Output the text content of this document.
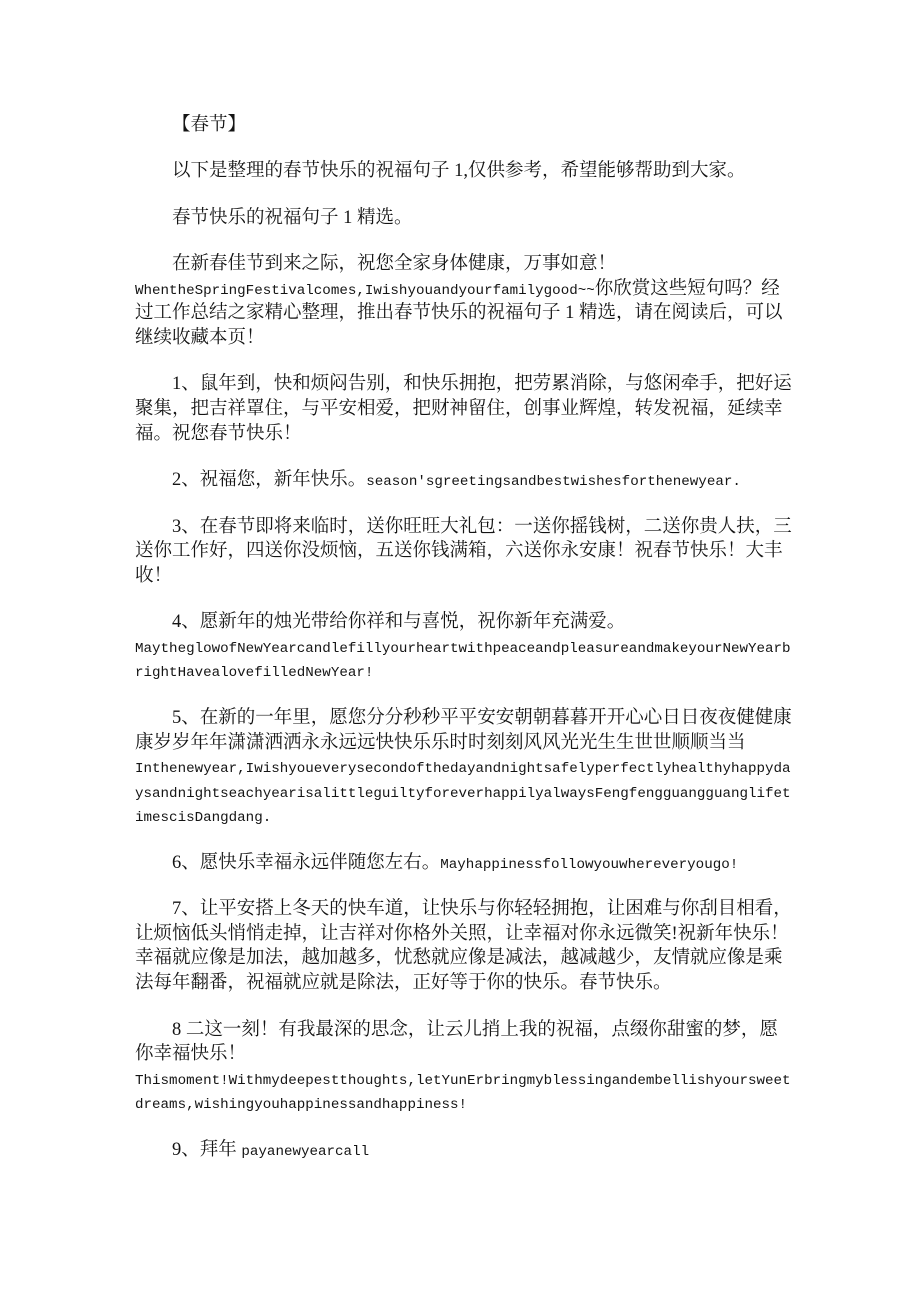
【春节】
以下是整理的春节快乐的祝福句子 1,仅供参考，希望能够帮助到大家。
春节快乐的祝福句子 1 精选。
在新春佳节到来之际，祝您全家身体健康，万事如意！
WhentheSpringFestivalcomes,Iwishyouandyourfamilygood~~你欣赏这些短句吗？经
过工作总结之家精心整理，推出春节快乐的祝福句子 1 精选，请在阅读后，可以
继续收藏本页！
1、鼠年到，快和烦闷告别，和快乐拥抱，把劳累消除，与悠闲牵手，把好运
聚集，把吉祥罩住，与平安相爱，把财神留住，创事业辉煌，转发祝福，延续幸
福。祝您春节快乐！
2、祝福您，新年快乐。season'sgreetingsandbestwishesforthenewyear.
3、在春节即将来临时，送你旺旺大礼包：一送你摇钱树，二送你贵人扶，三
送你工作好，四送你没烦恼，五送你钱满箱，六送你永安康！祝春节快乐！大丰
收！
4、愿新年的烛光带给你祥和与喜悦，祝你新年充满爱。
MaytheglowofNewYearcandlefillyourheartwithpeaceandpleasureandmakeyourNewYearb
rightHavealovefilledNewYear!
5、在新的一年里，愿您分分秒秒平平安安朝朝暮暮开开心心日日夜夜健健康
康岁岁年年潇潇洒洒永永远远快快乐乐时时刻刻风风光光生生世世顺顺当当
Inthenewyear,Iwishyoueverysecondofthedayandnightsafelyperfectlyhealthyhappyda
ysandnightseachyearisalittleguiltyforeverhappilyalwaysFengfengguangguanglifet
imescisDangdang.
6、愿快乐幸福永远伴随您左右。Mayhappinessfollowyouwhereveryougo!
7、让平安搭上冬天的快车道，让快乐与你轻轻拥抱，让困难与你刮目相看，
让烦恼低头悄悄走掉，让吉祥对你格外关照，让幸福对你永远微笑!祝新年快乐！
幸福就应像是加法，越加越多，忧愁就应像是减法，越减越少，友情就应像是乘
法每年翻番，祝福就应就是除法，正好等于你的快乐。春节快乐。
8 二这一刻！有我最深的思念，让云儿捎上我的祝福，点缀你甜蜜的梦，愿
你幸福快乐！
Thismoment!Withmydeepestthoughts,letYunErbringmyblessingandembellishyoursweet
dreams,wishingyouhappinessandhappiness!
9、拜年 payanewyearcall
